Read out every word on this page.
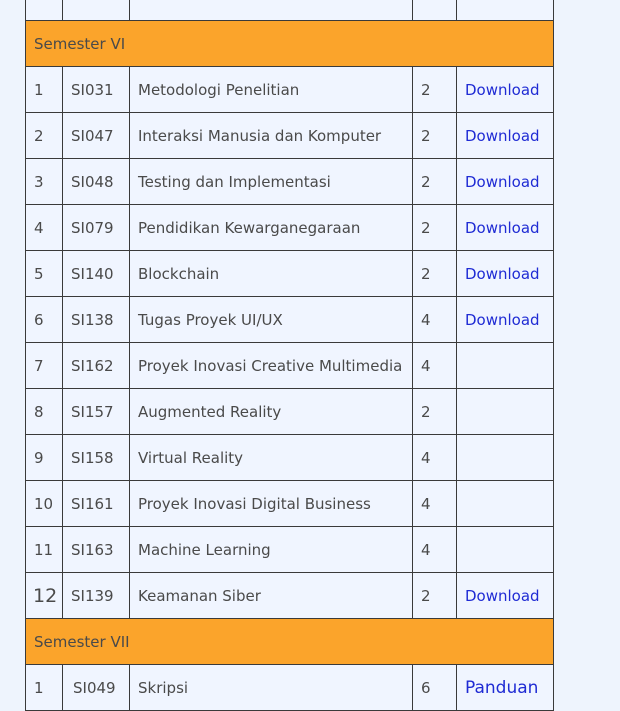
Semester VI				
1	SI031	Metodologi Penelitian	2	Download
2	SI047	Interaksi Manusia dan Komputer	2	Download
3	SI048	Testing dan Implementasi	2	Download
4	SI079	Pendidikan Kewarganegaraan	2	Download
5	SI140	Blockchain	2	Download
6	SI138	Tugas Proyek UI/UX	4	Download
7	SI162	Proyek Inovasi Creative Multimedia	4	
8	SI157	Augmented Reality	2	
9	SI158	Virtual Reality	4	
10	SI161	Proyek Inovasi Digital Business	4	
11	SI163	Machine Learning	4	
12	SI139	Keamanan Siber	2	Download
Semester VII				
1	SI049	Skripsi	6	Panduan
